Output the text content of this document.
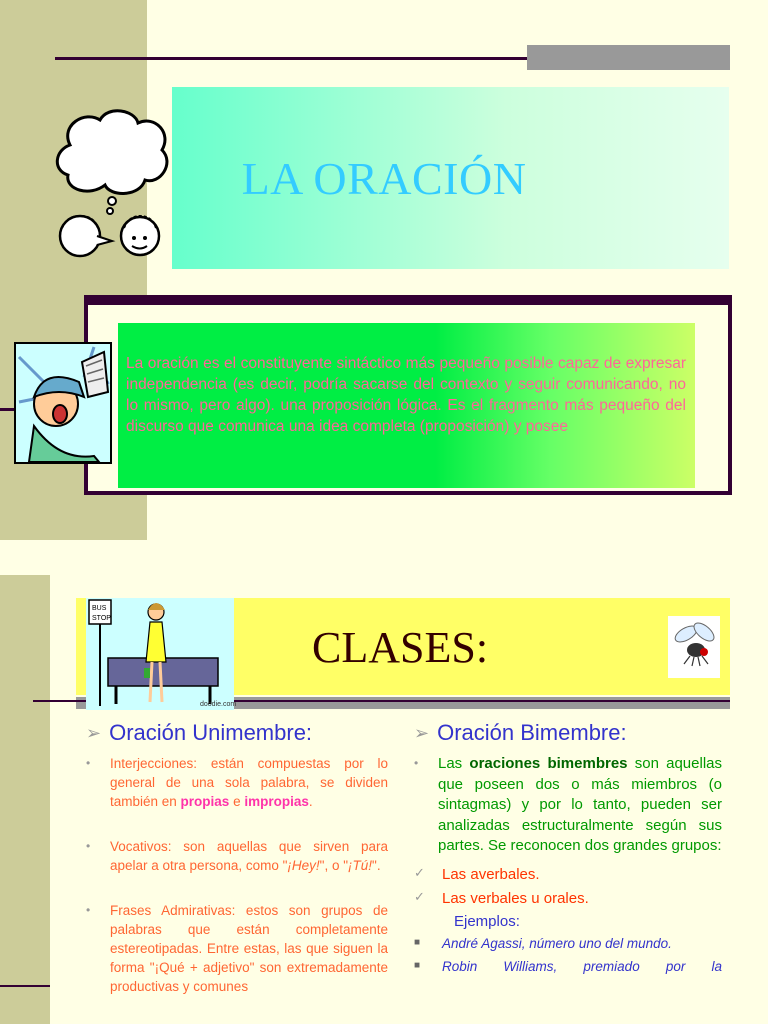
LA ORACIÓN
La oración es el constituyente sintáctico más pequeño posible capaz de expresar independencia (es decir, podría sacarse del contexto y seguir comunicando, no lo mismo, pero algo). una proposición lógica. Es el fragmento más pequeño del discurso que comunica una idea completa (proposición) y posee
CLASES:
BUS
STOP
doodie.com
➢ Oración Unimembre:
•	Interjecciones: están compuestas por lo general de una sola palabra, se dividen también en propias e impropias.
•	Vocativos: son aquellas que sirven para apelar a otra persona, como "¡Hey!", o "¡Tú!".
•	Frases Admirativas: estos son grupos de palabras que están completamente estereotipadas. Entre estas, las que siguen la forma "¡Qué + adjetivo" son extremadamente productivas y comunes
➢ Oración Bimembre:
•	Las oraciones bimembres son aquellas que poseen dos o más miembros (o sintagmas) y por lo tanto, pueden ser analizadas estructuralmente según sus partes. Se reconocen dos grandes grupos:
✓ Las averbales.
✓ Las verbales u orales.
Ejemplos:
■	André Agassi, número uno del mundo.
■	Robin Williams, premiado por la
